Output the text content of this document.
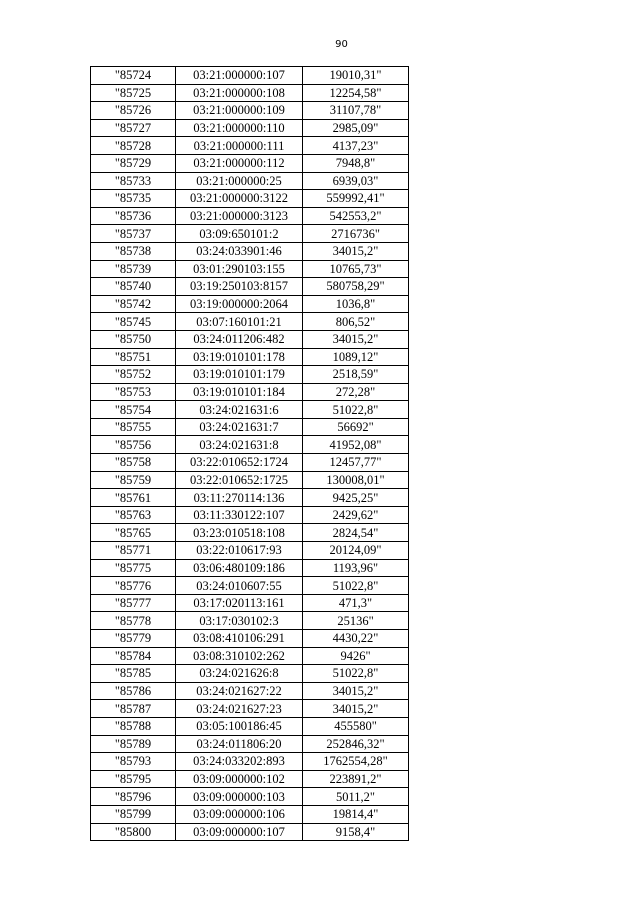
90
"85724	03:21:000000:107	19010,31"
"85725	03:21:000000:108	12254,58"
"85726	03:21:000000:109	31107,78"
"85727	03:21:000000:110	2985,09"
"85728	03:21:000000:111	4137,23"
"85729	03:21:000000:112	7948,8"
"85733	03:21:000000:25	6939,03"
"85735	03:21:000000:3122	559992,41"
"85736	03:21:000000:3123	542553,2"
"85737	03:09:650101:2	2716736"
"85738	03:24:033901:46	34015,2"
"85739	03:01:290103:155	10765,73"
"85740	03:19:250103:8157	580758,29"
"85742	03:19:000000:2064	1036,8"
"85745	03:07:160101:21	806,52"
"85750	03:24:011206:482	34015,2"
"85751	03:19:010101:178	1089,12"
"85752	03:19:010101:179	2518,59"
"85753	03:19:010101:184	272,28"
"85754	03:24:021631:6	51022,8"
"85755	03:24:021631:7	56692"
"85756	03:24:021631:8	41952,08"
"85758	03:22:010652:1724	12457,77"
"85759	03:22:010652:1725	130008,01"
"85761	03:11:270114:136	9425,25"
"85763	03:11:330122:107	2429,62"
"85765	03:23:010518:108	2824,54"
"85771	03:22:010617:93	20124,09"
"85775	03:06:480109:186	1193,96"
"85776	03:24:010607:55	51022,8"
"85777	03:17:020113:161	471,3"
"85778	03:17:030102:3	25136"
"85779	03:08:410106:291	4430,22"
"85784	03:08:310102:262	9426"
"85785	03:24:021626:8	51022,8"
"85786	03:24:021627:22	34015,2"
"85787	03:24:021627:23	34015,2"
"85788	03:05:100186:45	455580"
"85789	03:24:011806:20	252846,32"
"85793	03:24:033202:893	1762554,28"
"85795	03:09:000000:102	223891,2"
"85796	03:09:000000:103	5011,2"
"85799	03:09:000000:106	19814,4"
"85800	03:09:000000:107	9158,4"
